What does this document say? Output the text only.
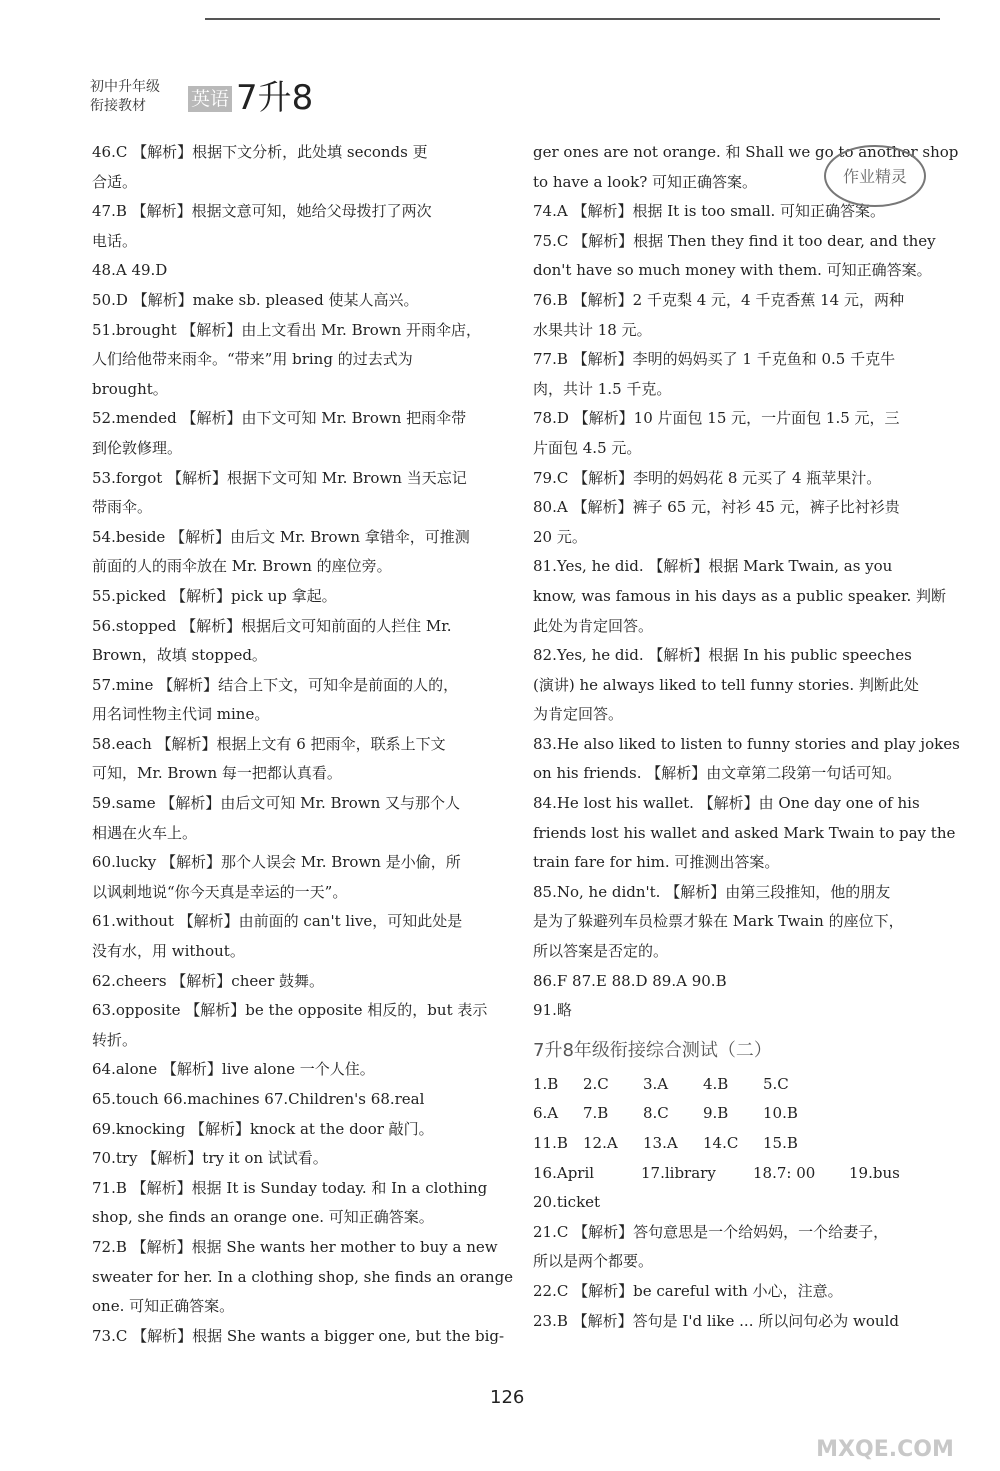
初中升年级
衔接教材	英语 7升8
46.C 【解析】根据下文分析，此处填 seconds 更
合适。
47.B 【解析】根据文意可知，她给父母拨打了两次
电话。
48.A 49.D
50.D 【解析】make sb. pleased 使某人高兴。
51.brought 【解析】由上文看出 Mr. Brown 开雨伞店，
人们给他带来雨伞。“带来”用 bring 的过去式为
brought。
52.mended 【解析】由下文可知 Mr. Brown 把雨伞带
到伦敦修理。
53.forgot 【解析】根据下文可知 Mr. Brown 当天忘记
带雨伞。
54.beside 【解析】由后文 Mr. Brown 拿错伞，可推测
前面的人的雨伞放在 Mr. Brown 的座位旁。
55.picked 【解析】pick up 拿起。
56.stopped 【解析】根据后文可知前面的人拦住 Mr.
Brown，故填 stopped。
57.mine 【解析】结合上下文，可知伞是前面的人的，
用名词性物主代词 mine。
58.each 【解析】根据上文有 6 把雨伞，联系上下文
可知，Mr. Brown 每一把都认真看。
59.same 【解析】由后文可知 Mr. Brown 又与那个人
相遇在火车上。
60.lucky 【解析】那个人误会 Mr. Brown 是小偷，所
以讽刺地说“你今天真是幸运的一天”。
61.without 【解析】由前面的 can't live，可知此处是
没有水，用 without。
62.cheers 【解析】cheer 鼓舞。
63.opposite 【解析】be the opposite 相反的，but 表示
转折。
64.alone 【解析】live alone 一个人住。
65.touch 66.machines 67.Children's 68.real
69.knocking 【解析】knock at the door 敲门。
70.try 【解析】try it on 试试看。
71.B 【解析】根据 It is Sunday today. 和 In a clothing
shop, she finds an orange one. 可知正确答案。
72.B 【解析】根据 She wants her mother to buy a new
sweater for her. In a clothing shop, she finds an orange
one. 可知正确答案。
73.C 【解析】根据 She wants a bigger one, but the big-
ger ones are not orange. 和 Shall we go to another shop
to have a look? 可知正确答案。
74.A 【解析】根据 It is too small. 可知正确答案。
75.C 【解析】根据 Then they find it too dear, and they
don't have so much money with them. 可知正确答案。
76.B 【解析】2 千克梨 4 元，4 千克香蕉 14 元，两种
水果共计 18 元。
77.B 【解析】李明的妈妈买了 1 千克鱼和 0.5 千克牛
肉，共计 1.5 千克。
78.D 【解析】10 片面包 15 元，一片面包 1.5 元，三
片面包 4.5 元。
79.C 【解析】李明的妈妈花 8 元买了 4 瓶苹果汁。
80.A 【解析】裤子 65 元，衬衫 45 元，裤子比衬衫贵
20 元。
81.Yes, he did. 【解析】根据 Mark Twain, as you
know, was famous in his days as a public speaker. 判断
此处为肯定回答。
82.Yes, he did. 【解析】根据 In his public speeches
(演讲) he always liked to tell funny stories. 判断此处
为肯定回答。
83.He also liked to listen to funny stories and play jokes
on his friends. 【解析】由文章第二段第一句话可知。
84.He lost his wallet. 【解析】由 One day one of his
friends lost his wallet and asked Mark Twain to pay the
train fare for him. 可推测出答案。
85.No, he didn't. 【解析】由第三段推知，他的朋友
是为了躲避列车员检票才躲在 Mark Twain 的座位下，
所以答案是否定的。
86.F 87.E 88.D 89.A 90.B
91.略
7升8年级衔接综合测试（二）
1.B	2.C	3.A	4.B	5.C
6.A	7.B	8.C	9.B	10.B
11.B	12.A	13.A	14.C	15.B
16.April	17.library	18.7: 00	19.bus
20.ticket
21.C 【解析】答句意思是一个给妈妈，一个给妻子，
所以是两个都要。
22.C 【解析】be careful with 小心，注意。
23.B 【解析】答句是 I'd like ... 所以问句必为 would
作业精灵
126
MXQE.COM
